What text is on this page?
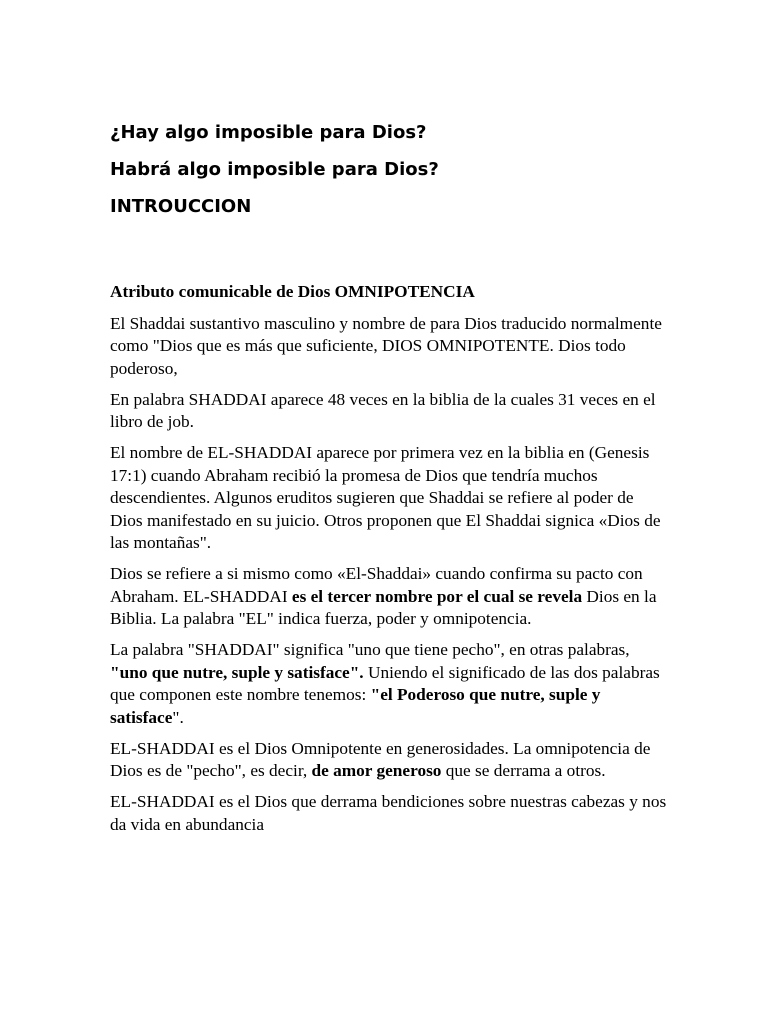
¿Hay algo imposible para Dios?
Habrá algo imposible para Dios?
INTROUCCION
Atributo comunicable de Dios OMNIPOTENCIA

El Shaddai sustantivo masculino y nombre de para Dios traducido normalmente como "Dios que es más que suficiente, DIOS OMNIPOTENTE. Dios todo poderoso,

En palabra SHADDAI aparece 48 veces en la biblia de la cuales 31 veces en el libro de job.

El nombre de EL-SHADDAI aparece por primera vez en la biblia en (Genesis 17:1) cuando Abraham recibió la promesa de Dios que tendría muchos descendientes. Algunos eruditos sugieren que Shaddai se refiere al poder de Dios manifestado en su juicio. Otros proponen que El Shaddai signica «Dios de las montañas".

Dios se refiere a si mismo como «El-Shaddai» cuando confirma su pacto con Abraham. EL-SHADDAI es el tercer nombre por el cual se revela Dios en la Biblia. La palabra "EL" indica fuerza, poder y omnipotencia.

La palabra "SHADDAI" significa "uno que tiene pecho", en otras palabras, "uno que nutre, suple y satisface". Uniendo el significado de las dos palabras que componen este nombre tenemos: "el Poderoso que nutre, suple y satisface".

EL-SHADDAI es el Dios Omnipotente en generosidades. La omnipotencia de Dios es de "pecho", es decir, de amor generoso que se derrama a otros.

EL-SHADDAI es el Dios que derrama bendiciones sobre nuestras cabezas y nos da vida en abundancia
